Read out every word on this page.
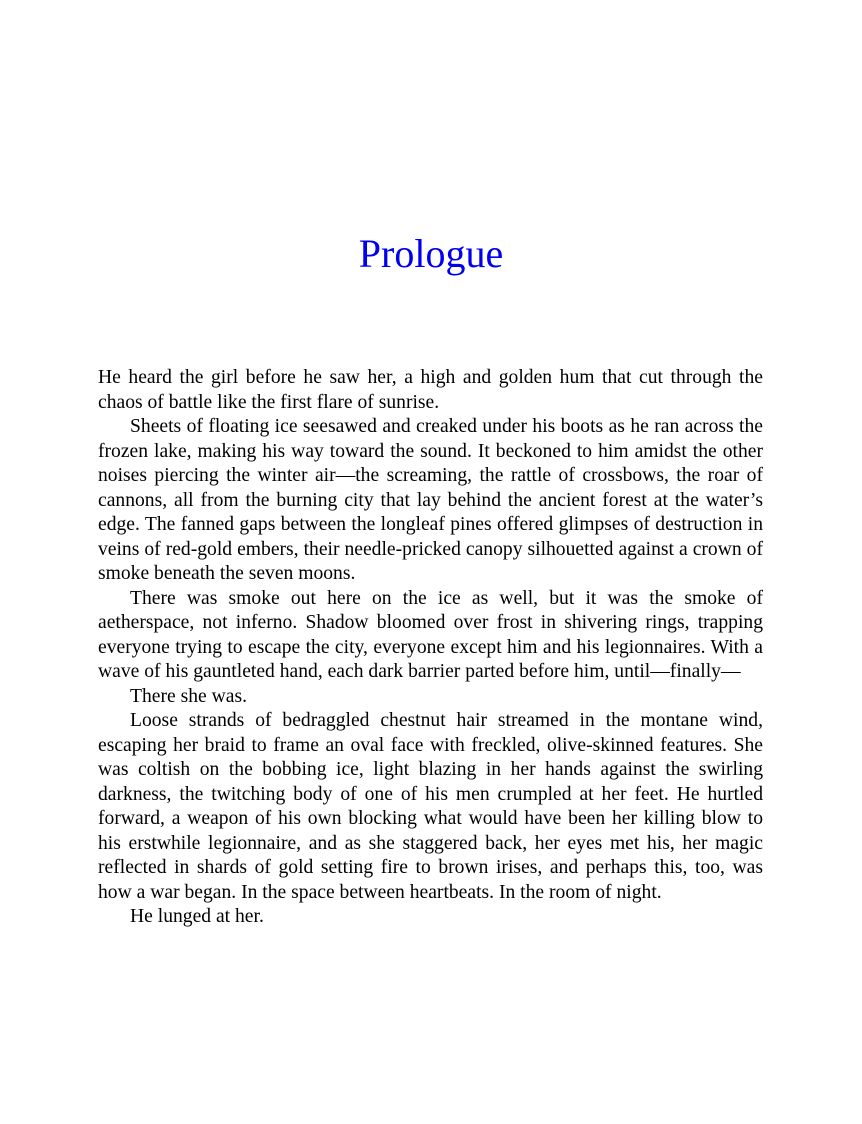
Prologue

He heard the girl before he saw her, a high and golden hum that cut through the chaos of battle like the first flare of sunrise.

Sheets of floating ice seesawed and creaked under his boots as he ran across the frozen lake, making his way toward the sound. It beckoned to him amidst the other noises piercing the winter air—the screaming, the rattle of crossbows, the roar of cannons, all from the burning city that lay behind the ancient forest at the water’s edge. The fanned gaps between the longleaf pines offered glimpses of destruction in veins of red-gold embers, their needle-pricked canopy silhouetted against a crown of smoke beneath the seven moons.

There was smoke out here on the ice as well, but it was the smoke of aetherspace, not inferno. Shadow bloomed over frost in shivering rings, trapping everyone trying to escape the city, everyone except him and his legionnaires. With a wave of his gauntleted hand, each dark barrier parted before him, until—finally—

There she was.

Loose strands of bedraggled chestnut hair streamed in the montane wind, escaping her braid to frame an oval face with freckled, olive-skinned features. She was coltish on the bobbing ice, light blazing in her hands against the swirling darkness, the twitching body of one of his men crumpled at her feet. He hurtled forward, a weapon of his own blocking what would have been her killing blow to his erstwhile legionnaire, and as she staggered back, her eyes met his, her magic reflected in shards of gold setting fire to brown irises, and perhaps this, too, was how a war began. In the space between heartbeats. In the room of night.

He lunged at her.
